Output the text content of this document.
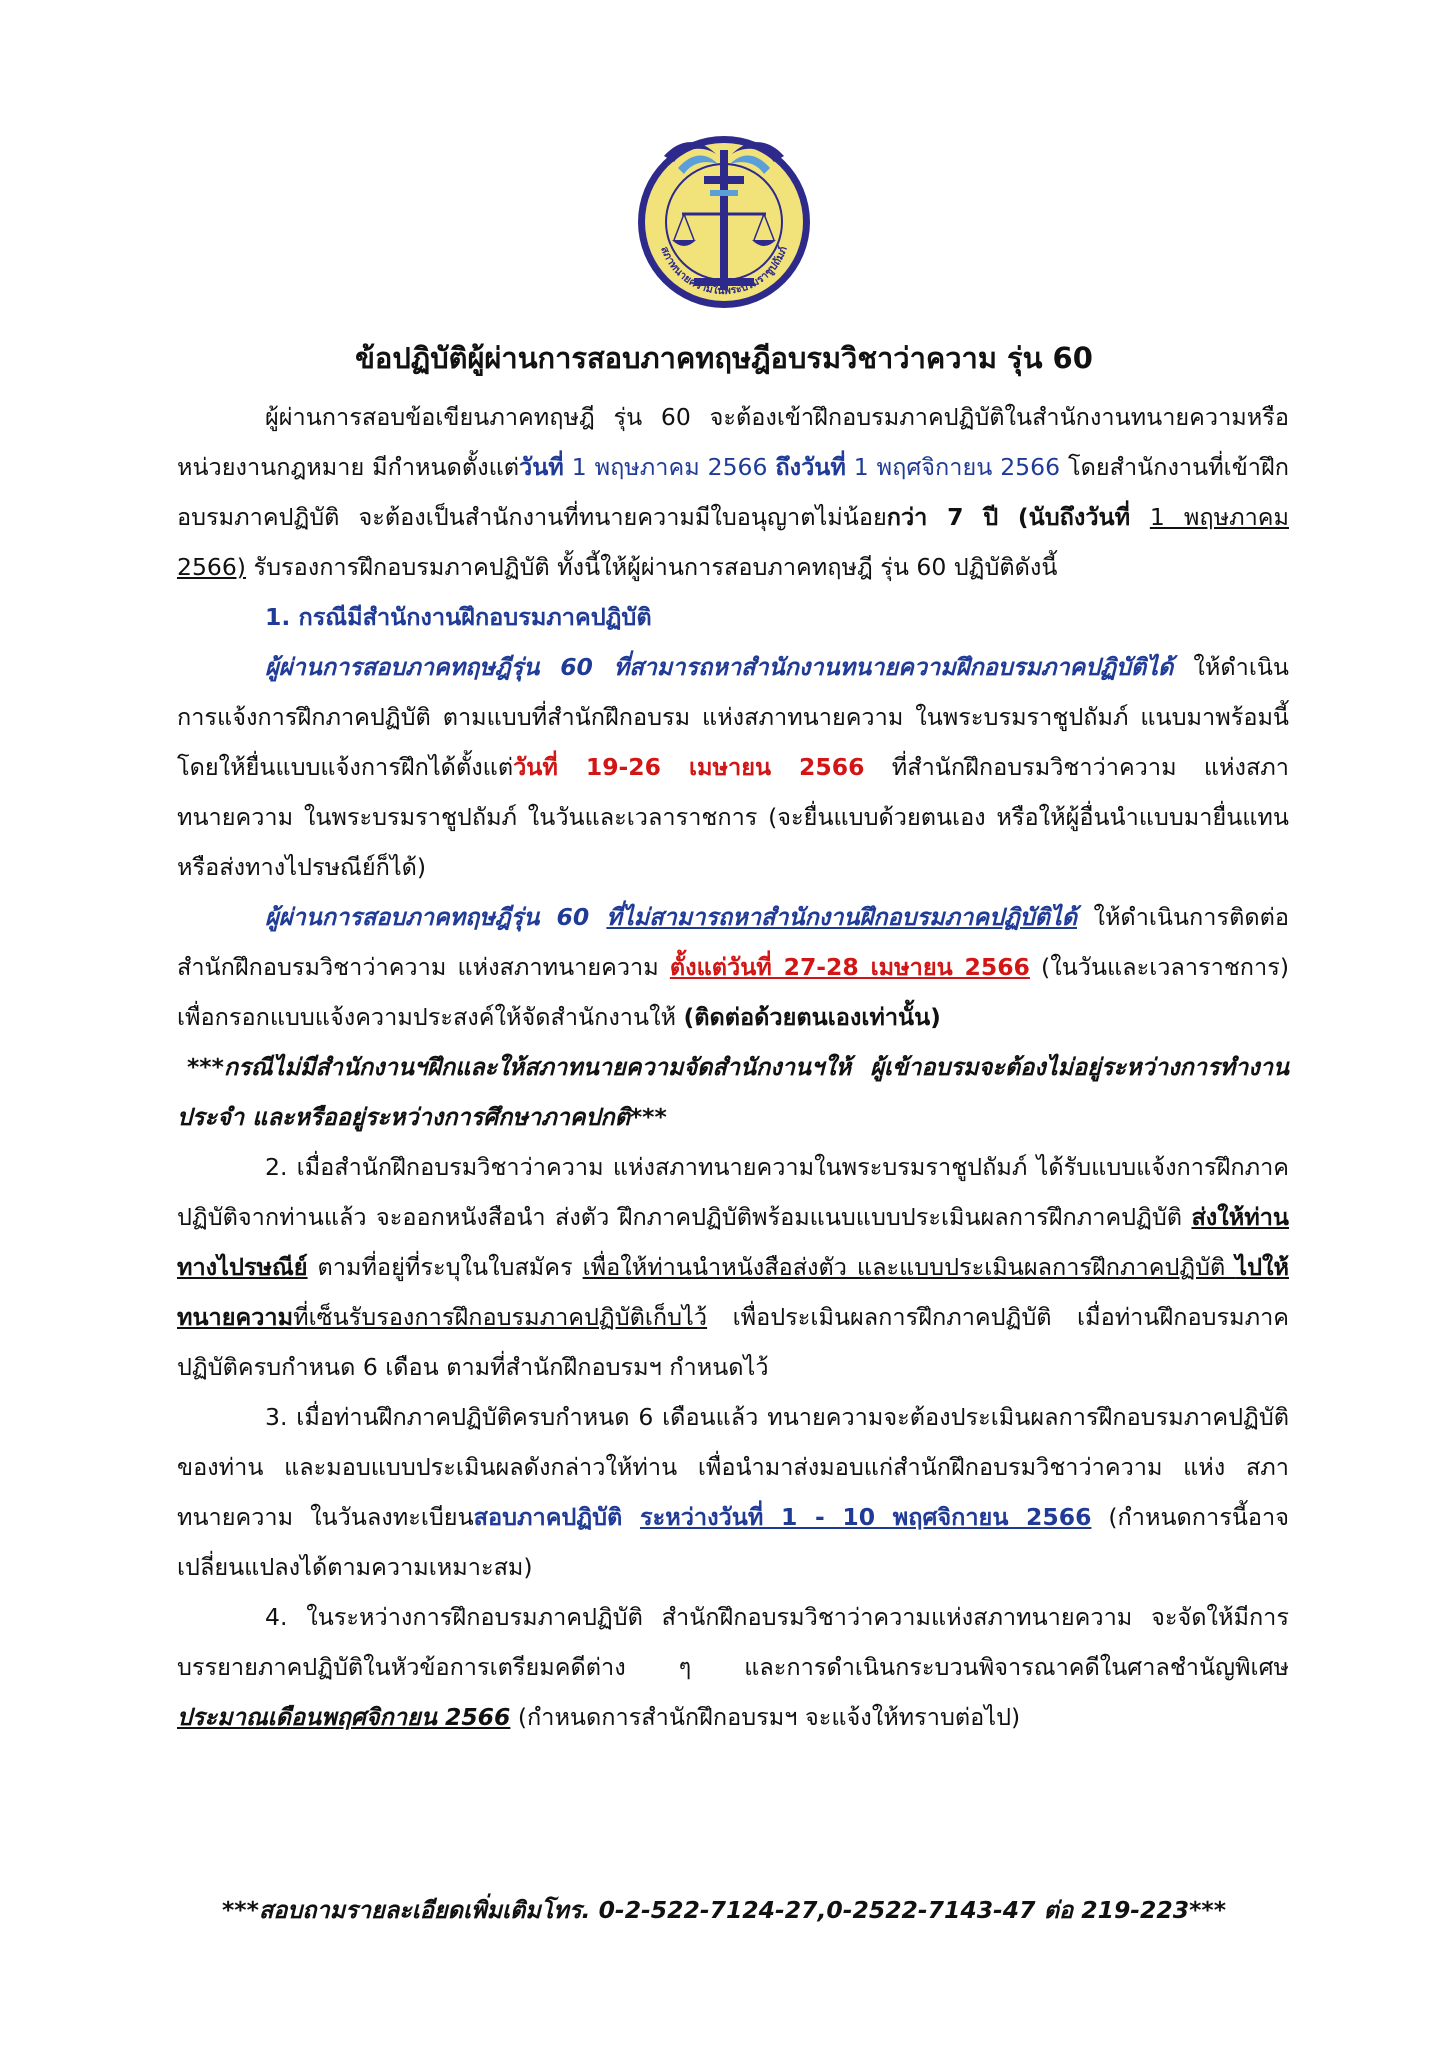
สภาทนายความในพระบรมราชูปถัมภ์
ข้อปฏิบัติผู้ผ่านการสอบภาคทฤษฎีอบรมวิชาว่าความ รุ่น 60

ผู้ผ่านการสอบข้อเขียนภาคทฤษฎี รุ่น 60 จะต้องเข้าฝึกอบรมภาคปฏิบัติในสำนักงานทนายความหรือหน่วยงานกฎหมาย มีกำหนดตั้งแต่วันที่ 1 พฤษภาคม 2566 ถึงวันที่ 1 พฤศจิกายน 2566 โดยสำนักงานที่เข้าฝึกอบรมภาคปฏิบัติ จะต้องเป็นสำนักงานที่ทนายความมีใบอนุญาตไม่น้อยกว่า 7 ปี (นับถึงวันที่ 1 พฤษภาคม 2566) รับรองการฝึกอบรมภาคปฏิบัติ ทั้งนี้ให้ผู้ผ่านการสอบภาคทฤษฎี รุ่น 60 ปฏิบัติดังนี้

1. กรณีมีสำนักงานฝึกอบรมภาคปฏิบัติ

ผู้ผ่านการสอบภาคทฤษฎีรุ่น 60 ที่สามารถหาสำนักงานทนายความฝึกอบรมภาคปฏิบัติได้ ให้ดำเนินการแจ้งการฝึกภาคปฏิบัติ ตามแบบที่สำนักฝึกอบรม แห่งสภาทนายความ ในพระบรมราชูปถัมภ์ แนบมาพร้อมนี้ โดยให้ยื่นแบบแจ้งการฝึกได้ตั้งแต่วันที่ 19-26 เมษายน 2566 ที่สำนักฝึกอบรมวิชาว่าความ แห่งสภาทนายความ ในพระบรมราชูปถัมภ์ ในวันและเวลาราชการ (จะยื่นแบบด้วยตนเอง หรือให้ผู้อื่นนำแบบมายื่นแทน หรือส่งทางไปรษณีย์ก็ได้)

ผู้ผ่านการสอบภาคทฤษฎีรุ่น 60 ที่ไม่สามารถหาสำนักงานฝึกอบรมภาคปฏิบัติได้ ให้ดำเนินการติดต่อสำนักฝึกอบรมวิชาว่าความ แห่งสภาทนายความ ตั้งแต่วันที่ 27-28 เมษายน 2566 (ในวันและเวลาราชการ) เพื่อกรอกแบบแจ้งความประสงค์ให้จัดสำนักงานให้ (ติดต่อด้วยตนเองเท่านั้น)

***กรณีไม่มีสำนักงานฯฝึกและให้สภาทนายความจัดสำนักงานฯให้ ผู้เข้าอบรมจะต้องไม่อยู่ระหว่างการทำงานประจำ และหรืออยู่ระหว่างการศึกษาภาคปกติ***

2. เมื่อสำนักฝึกอบรมวิชาว่าความ แห่งสภาทนายความในพระบรมราชูปถัมภ์ ได้รับแบบแจ้งการฝึกภาคปฏิบัติจากท่านแล้ว จะออกหนังสือนำ ส่งตัว ฝึกภาคปฏิบัติพร้อมแนบแบบประเมินผลการฝึกภาคปฏิบัติ ส่งให้ท่านทางไปรษณีย์ ตามที่อยู่ที่ระบุในใบสมัคร เพื่อให้ท่านนำหนังสือส่งตัว และแบบประเมินผลการฝึกภาคปฏิบัติ ไปให้ทนายความที่เซ็นรับรองการฝึกอบรมภาคปฏิบัติเก็บไว้ เพื่อประเมินผลการฝึกภาคปฏิบัติ เมื่อท่านฝึกอบรมภาคปฏิบัติครบกำหนด 6 เดือน ตามที่สำนักฝึกอบรมฯ กำหนดไว้

3. เมื่อท่านฝึกภาคปฏิบัติครบกำหนด 6 เดือนแล้ว ทนายความจะต้องประเมินผลการฝึกอบรมภาคปฏิบัติของท่าน และมอบแบบประเมินผลดังกล่าวให้ท่าน เพื่อนำมาส่งมอบแก่สำนักฝึกอบรมวิชาว่าความ แห่ง สภาทนายความ ในวันลงทะเบียนสอบภาคปฏิบัติ ระหว่างวันที่ 1 - 10 พฤศจิกายน 2566 (กำหนดการนี้อาจเปลี่ยนแปลงได้ตามความเหมาะสม)

4. ในระหว่างการฝึกอบรมภาคปฏิบัติ สำนักฝึกอบรมวิชาว่าความแห่งสภาทนายความ จะจัดให้มีการบรรยายภาคปฏิบัติในหัวข้อการเตรียมคดีต่าง ๆ และการดำเนินกระบวนพิจารณาคดีในศาลชำนัญพิเศษ ประมาณเดือนพฤศจิกายน 2566 (กำหนดการสำนักฝึกอบรมฯ จะแจ้งให้ทราบต่อไป)

***สอบถามรายละเอียดเพิ่มเติมโทร. 0-2-522-7124-27,0-2522-7143-47 ต่อ 219-223***
